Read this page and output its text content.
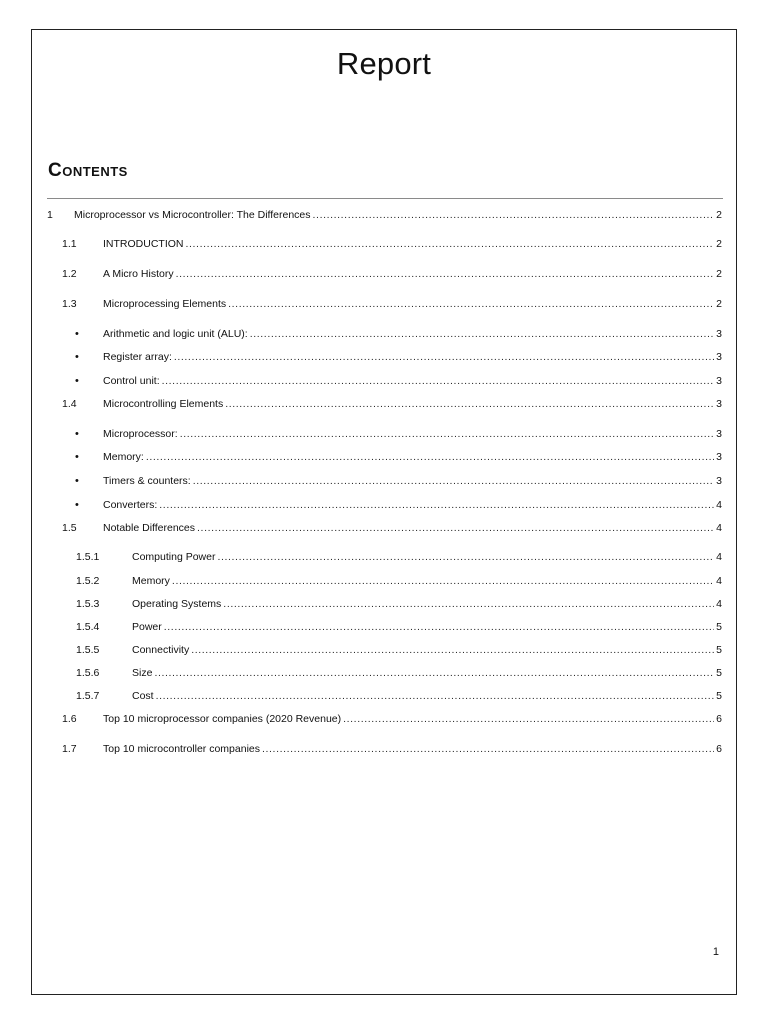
Report
Contents
1	Microprocessor vs Microcontroller: The Differences .....	2
1.1	INTRODUCTION .....	2
1.2	A Micro History .....	2
1.3	Microprocessing Elements .....	2
•	Arithmetic and logic unit (ALU): .....	3
•	Register array: .....	3
•	Control unit: .....	3
1.4	Microcontrolling Elements .....	3
•	Microprocessor: .....	3
•	Memory: .....	3
•	Timers & counters: .....	3
•	Converters: .....	4
1.5	Notable Differences .....	4
1.5.1	Computing Power .....	4
1.5.2	Memory .....	4
1.5.3	Operating Systems .....	4
1.5.4	Power .....	5
1.5.5	Connectivity .....	5
1.5.6	Size .....	5
1.5.7	Cost .....	5
1.6	Top 10 microprocessor companies (2020 Revenue) .....	6
1.7	Top 10 microcontroller companies .....	6
1
